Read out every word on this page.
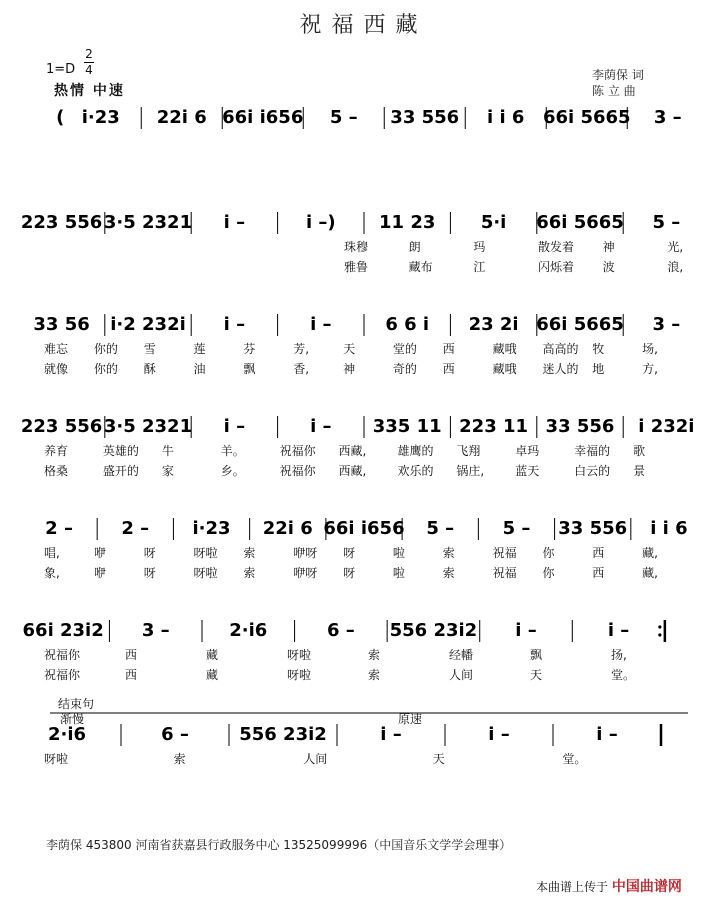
祝福西藏
1=D
2
4
热情 中速
李荫保 词
陈 立 曲
( i·23 22i 6 66i i656 5 – 33 556 i i 6 66i 5665 3 –
223 556 3·5 2321 i –	i –) 11 23	5·i 66i 5665 5 –
珠穆	朗	玛	散发着 神	光,
雅鲁	藏布	江	闪烁着 波	浪,
33 56 i·2 232i i –	i –	6 6 i 23 2i 66i 5665 3 –
难忘 你的 雪	莲	芬	芳,	天	堂的 西	藏哦 高高的 牧	场,
就像 你的 酥	油	飘	香,	神	奇的 西	藏哦 迷人的 地	方,
223 556 3·5 2321 i –	i – 335 11 223 11 33 556 i 232i
养育	英雄的 牛	羊。	祝福你 西藏,	雄鹰的 飞翔	卓玛	幸福的 歌
格桑	盛开的 家	乡。	祝福你 西藏,	欢乐的 锅庄,	蓝天	白云的 景
2 –	2 – i·23 22i 6 66i i656 5 –	5 – 33 556 i i 6
唱,	咿	呀	呀啦 索	咿呀 呀	啦	索	祝福 你	西	藏,
象,	咿	呀	呀啦 索	咿呀 呀	啦	索	祝福 你	西	藏,
66i 23i2 3 –	2·i6	6 – 556 23i2 i –	i –
祝福你	西	藏	呀啦	索	经幡	飘	扬,
祝福你	西	藏	呀啦	索	人间	天	堂。
2·i6	6 –	556 23i2	i –	i –	i –
呀啦	索	人间	天	堂。
结束句
渐慢	原速
李荫保 453800 河南省获嘉县行政服务中心 13525099996（中国音乐文学学会理事）
本曲谱上传于 中国曲谱网
